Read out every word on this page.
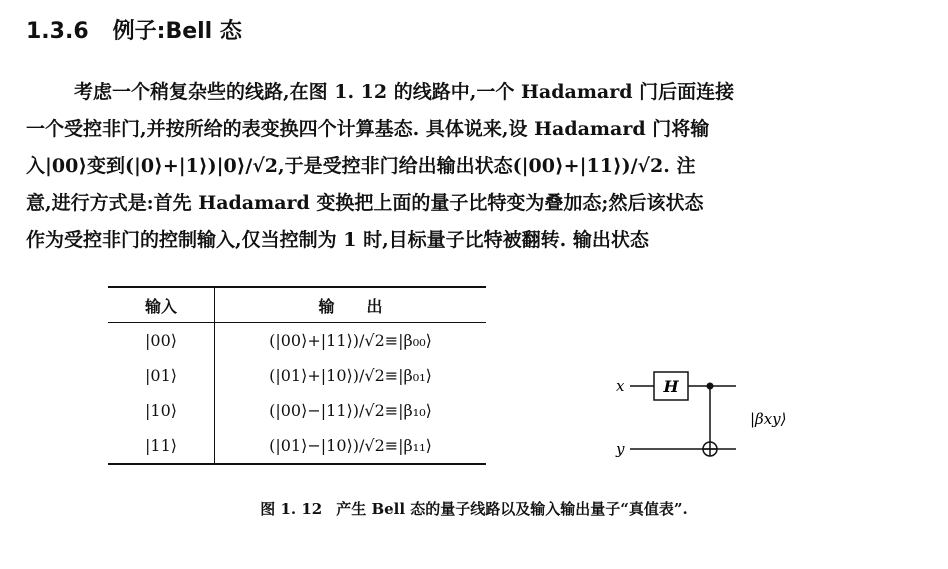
1.3.6 例子:Bell 态
考虑一个稍复杂些的线路,在图 1. 12 的线路中,一个 Hadamard 门后面连接
一个受控非门,并按所给的表变换四个计算基态. 具体说来,设 Hadamard 门将输
入|00⟩变到(|0⟩+|1⟩)|0⟩/√2,于是受控非门给出输出状态(|00⟩+|11⟩)/√2. 注
意,进行方式是:首先 Hadamard 变换把上面的量子比特变为叠加态;然后该状态
作为受控非门的控制输入,仅当控制为 1 时,目标量子比特被翻转. 输出状态
输入	输　　出
|00⟩	(|00⟩+|11⟩)/√2≡|β₀₀⟩
|01⟩	(|01⟩+|10⟩)/√2≡|β₀₁⟩
|10⟩	(|00⟩−|11⟩)/√2≡|β₁₀⟩
|11⟩	(|01⟩−|10⟩)/√2≡|β₁₁⟩
x
y
H
|βxy⟩
图 1. 12 产生 Bell 态的量子线路以及输入输出量子“真值表”.
